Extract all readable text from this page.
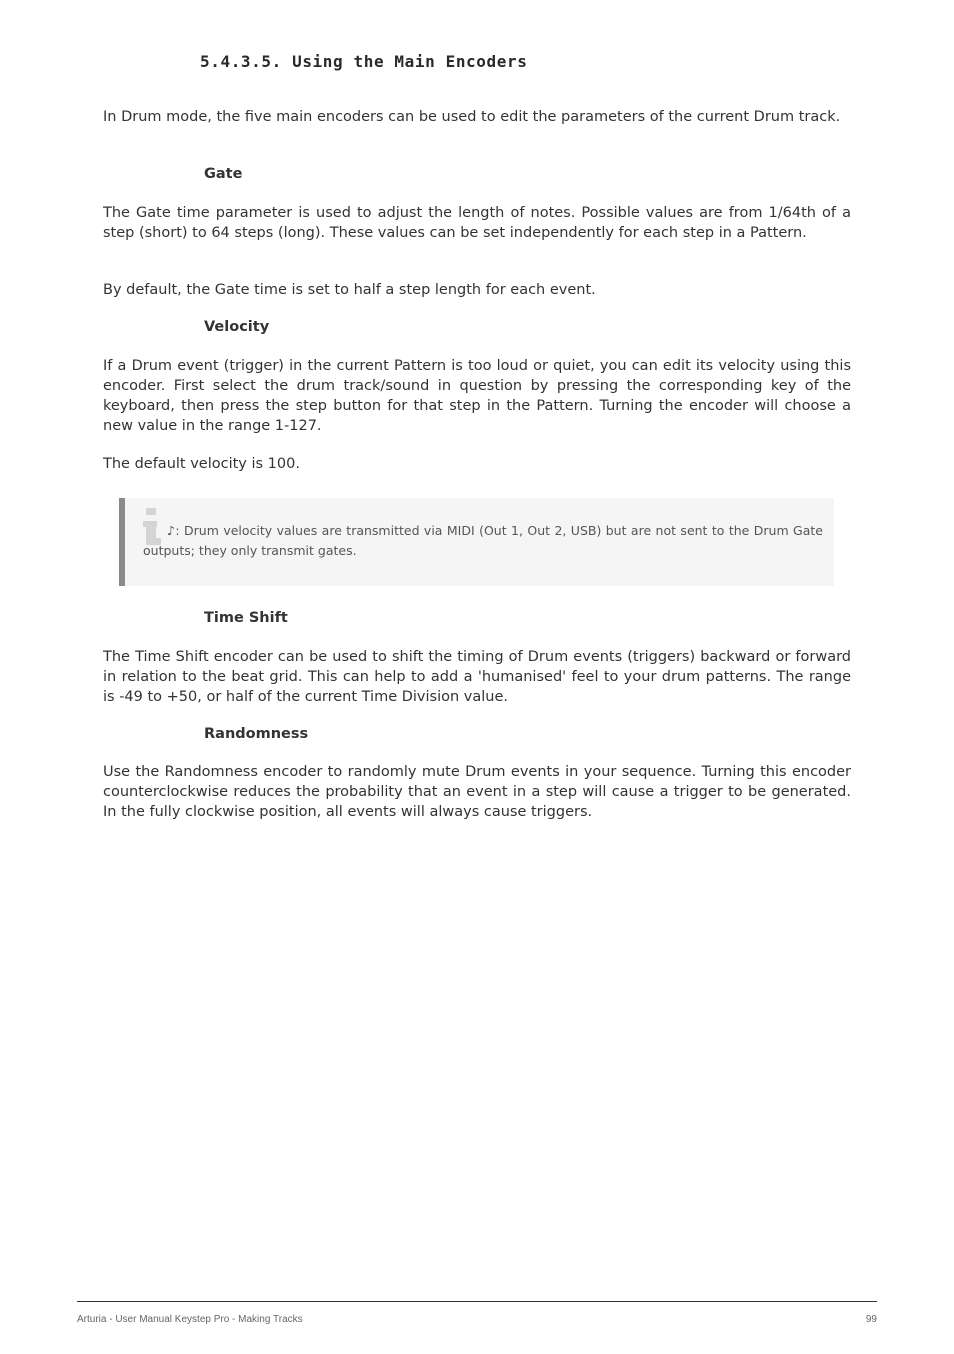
5.4.3.5. Using the Main Encoders

In Drum mode, the five main encoders can be used to edit the parameters of the current Drum track.

Gate

The Gate time parameter is used to adjust the length of notes. Possible values are from 1/64th of a step (short) to 64 steps (long). These values can be set independently for each step in a Pattern.

By default, the Gate time is set to half a step length for each event.

Velocity

If a Drum event (trigger) in the current Pattern is too loud or quiet, you can edit its velocity using this encoder. First select the drum track/sound in question by pressing the corresponding key of the keyboard, then press the step button for that step in the Pattern. Turning the encoder will choose a new value in the range 1-127.

The default velocity is 100.

♪: Drum velocity values are transmitted via MIDI (Out 1, Out 2, USB) but are not sent to the Drum Gate outputs; they only transmit gates.

Time Shift

The Time Shift encoder can be used to shift the timing of Drum events (triggers) backward or forward in relation to the beat grid. This can help to add a 'humanised' feel to your drum patterns. The range is -49 to +50, or half of the current Time Division value.

Randomness

Use the Randomness encoder to randomly mute Drum events in your sequence. Turning this encoder counterclockwise reduces the probability that an event in a step will cause a trigger to be generated. In the fully clockwise position, all events will always cause triggers.

Arturia - User Manual Keystep Pro - Making Tracks	99
